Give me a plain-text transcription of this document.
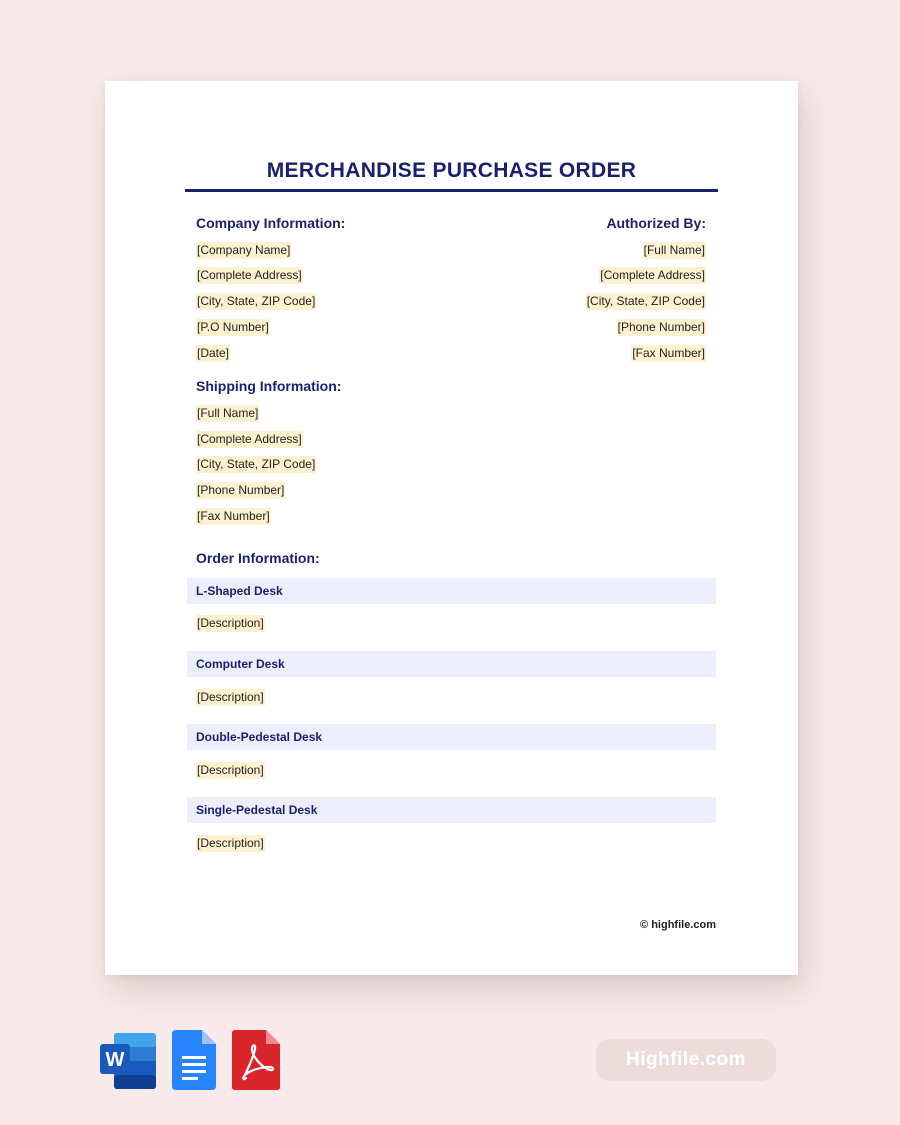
MERCHANDISE PURCHASE ORDER
Company Information:
[Company Name]
[Complete Address]
[City, State, ZIP Code]
[P.O Number]
[Date]
Authorized By:
[Full Name]
[Complete Address]
[City, State, ZIP Code]
[Phone Number]
[Fax Number]
Shipping Information:
[Full Name]
[Complete Address]
[City, State, ZIP Code]
[Phone Number]
[Fax Number]
Order Information:
L-Shaped Desk
[Description]
Computer Desk
[Description]
Double-Pedestal Desk
[Description]
Single-Pedestal Desk
[Description]
© highfile.com
W	Highfile.com
